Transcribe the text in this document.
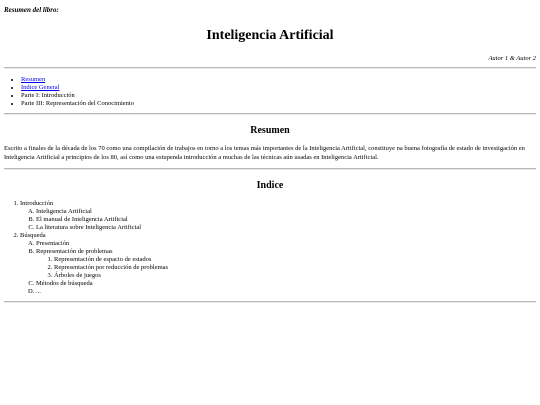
Resumen del libro:

Inteligencia Artificial

Autor 1 & Autor 2

• Resumen
• Indice General
• Parte I: Introducción
• Parte III: Representación del Conocimiento
Resumen

Escrito a finales de la década de los 70 como una compilación de trabajos en torno a los temas más importantes de la Inteligencia Artificial, constituye na buena fotografía de estado de investigación en Inteligencia Artificial a principios de los 80, así como una estupenda introducción a muchas de las técnicas aún usadas en Inteligencia Artificial.

Indice
1. Introducción
A. Inteligencia Artificial
B. El manual de Inteligencia Artificial
C. La literatura sobre Inteligencia Artificial
2. Búsqueda
A. Presentación
B. Representación de problemas
1. Representación de espacio de estados
2. Representación por reducción de problemas
3. Árboles de juegos
C. Métodos de búsqueda
D. ...
